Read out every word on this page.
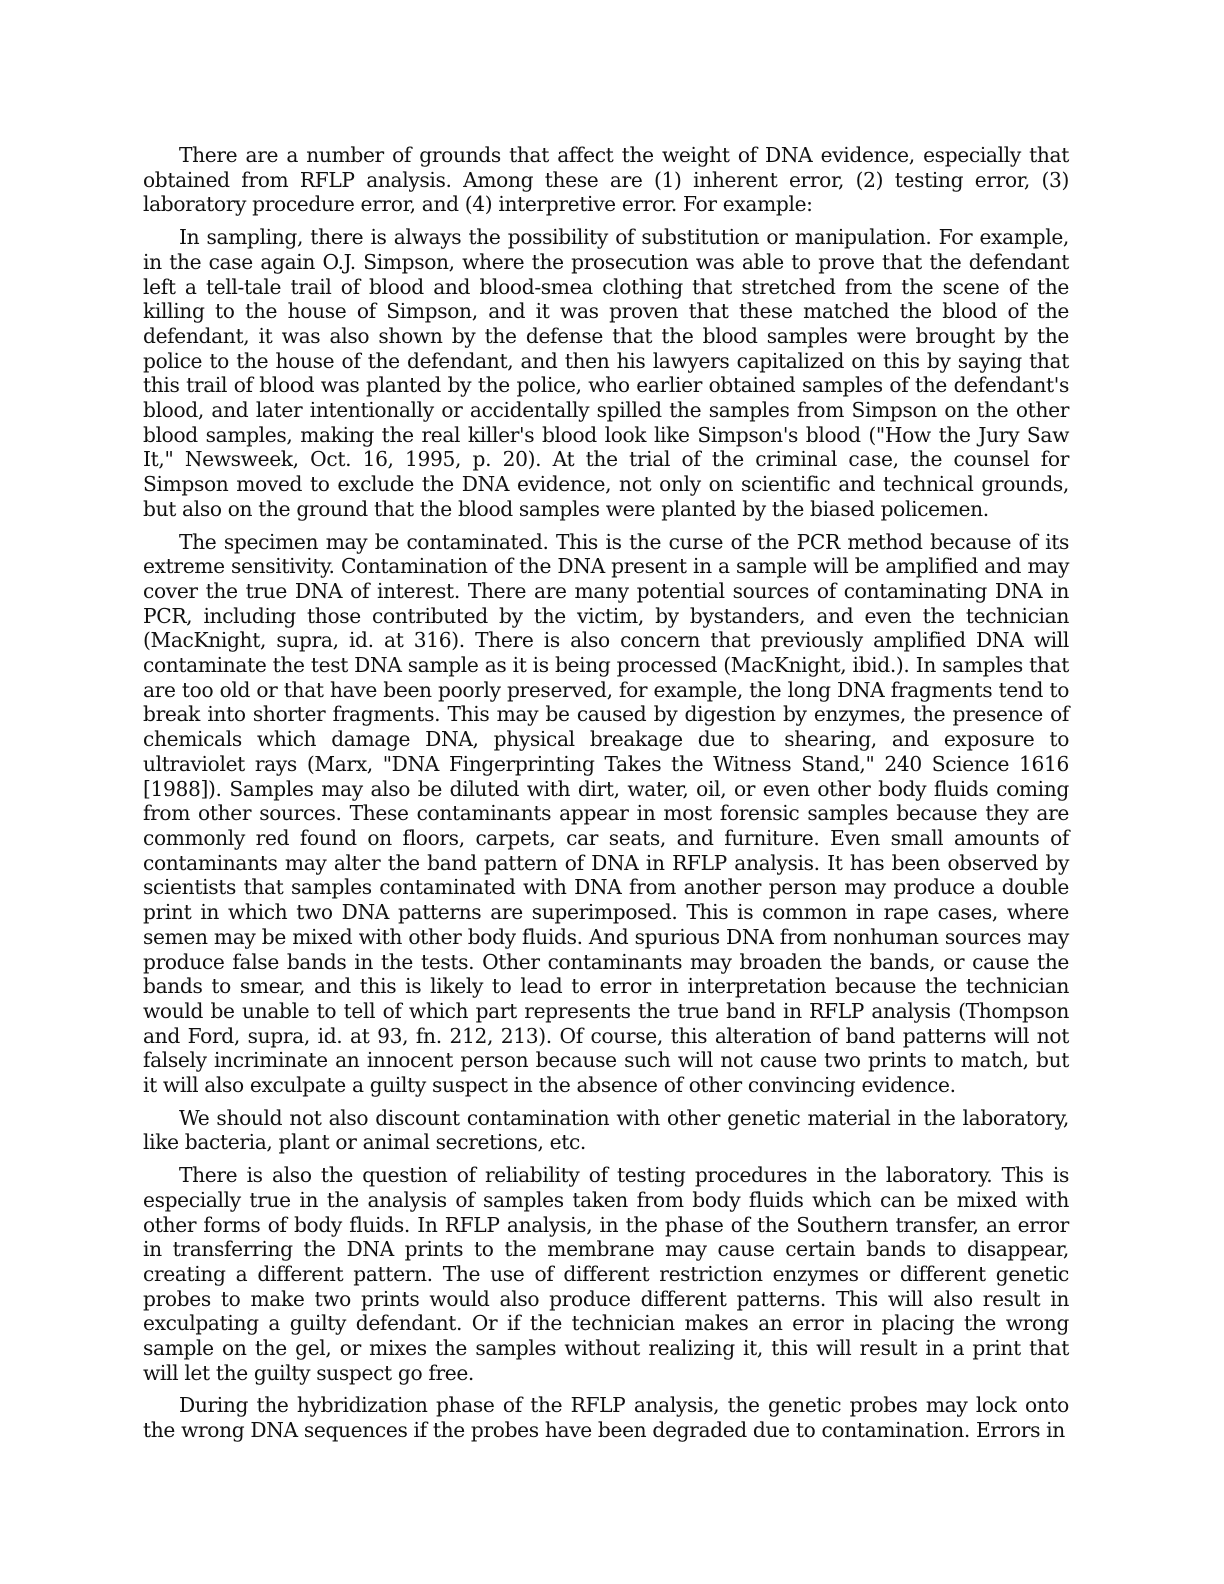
There are a number of grounds that affect the weight of DNA evidence, especially that obtained from RFLP analysis. Among these are (1) inherent error, (2) testing error, (3) laboratory procedure error, and (4) interpretive error. For example:

In sampling, there is always the possibility of substitution or manipulation. For example, in the case again O.J. Simpson, where the prosecution was able to prove that the defendant left a tell-tale trail of blood and blood-smea clothing that stretched from the scene of the killing to the house of Simpson, and it was proven that these matched the blood of the defendant, it was also shown by the defense that the blood samples were brought by the police to the house of the defendant, and then his lawyers capitalized on this by saying that this trail of blood was planted by the police, who earlier obtained samples of the defendant's blood, and later intentionally or accidentally spilled the samples from Simpson on the other blood samples, making the real killer's blood look like Simpson's blood ("How the Jury Saw It," Newsweek, Oct. 16, 1995, p. 20). At the trial of the criminal case, the counsel for Simpson moved to exclude the DNA evidence, not only on scientific and technical grounds, but also on the ground that the blood samples were planted by the biased policemen.

The specimen may be contaminated. This is the curse of the PCR method because of its extreme sensitivity. Contamination of the DNA present in a sample will be amplified and may cover the true DNA of interest. There are many potential sources of contaminating DNA in PCR, including those contributed by the victim, by bystanders, and even the technician (MacKnight, supra, id. at 316). There is also concern that previously amplified DNA will contaminate the test DNA sample as it is being processed (MacKnight, ibid.). In samples that are too old or that have been poorly preserved, for example, the long DNA fragments tend to break into shorter fragments. This may be caused by digestion by enzymes, the presence of chemicals which damage DNA, physical breakage due to shearing, and exposure to ultraviolet rays (Marx, "DNA Fingerprinting Takes the Witness Stand," 240 Science 1616 [1988]). Samples may also be diluted with dirt, water, oil, or even other body fluids coming from other sources. These contaminants appear in most forensic samples because they are commonly red found on floors, carpets, car seats, and furniture. Even small amounts of contaminants may alter the band pattern of DNA in RFLP analysis. It has been observed by scientists that samples contaminated with DNA from another person may produce a double print in which two DNA patterns are superimposed. This is common in rape cases, where semen may be mixed with other body fluids. And spurious DNA from nonhuman sources may produce false bands in the tests. Other contaminants may broaden the bands, or cause the bands to smear, and this is likely to lead to error in interpretation because the technician would be unable to tell of which part represents the true band in RFLP analysis (Thompson and Ford, supra, id. at 93, fn. 212, 213). Of course, this alteration of band patterns will not falsely incriminate an innocent person because such will not cause two prints to match, but it will also exculpate a guilty suspect in the absence of other convincing evidence.

We should not also discount contamination with other genetic material in the laboratory, like bacteria, plant or animal secretions, etc.

There is also the question of reliability of testing procedures in the laboratory. This is especially true in the analysis of samples taken from body fluids which can be mixed with other forms of body fluids. In RFLP analysis, in the phase of the Southern transfer, an error in transferring the DNA prints to the membrane may cause certain bands to disappear, creating a different pattern. The use of different restriction enzymes or different genetic probes to make two prints would also produce different patterns. This will also result in exculpating a guilty defendant. Or if the technician makes an error in placing the wrong sample on the gel, or mixes the samples without realizing it, this will result in a print that will let the guilty suspect go free.

During the hybridization phase of the RFLP analysis, the genetic probes may lock onto the wrong DNA sequences if the probes have been degraded due to contamination. Errors in
